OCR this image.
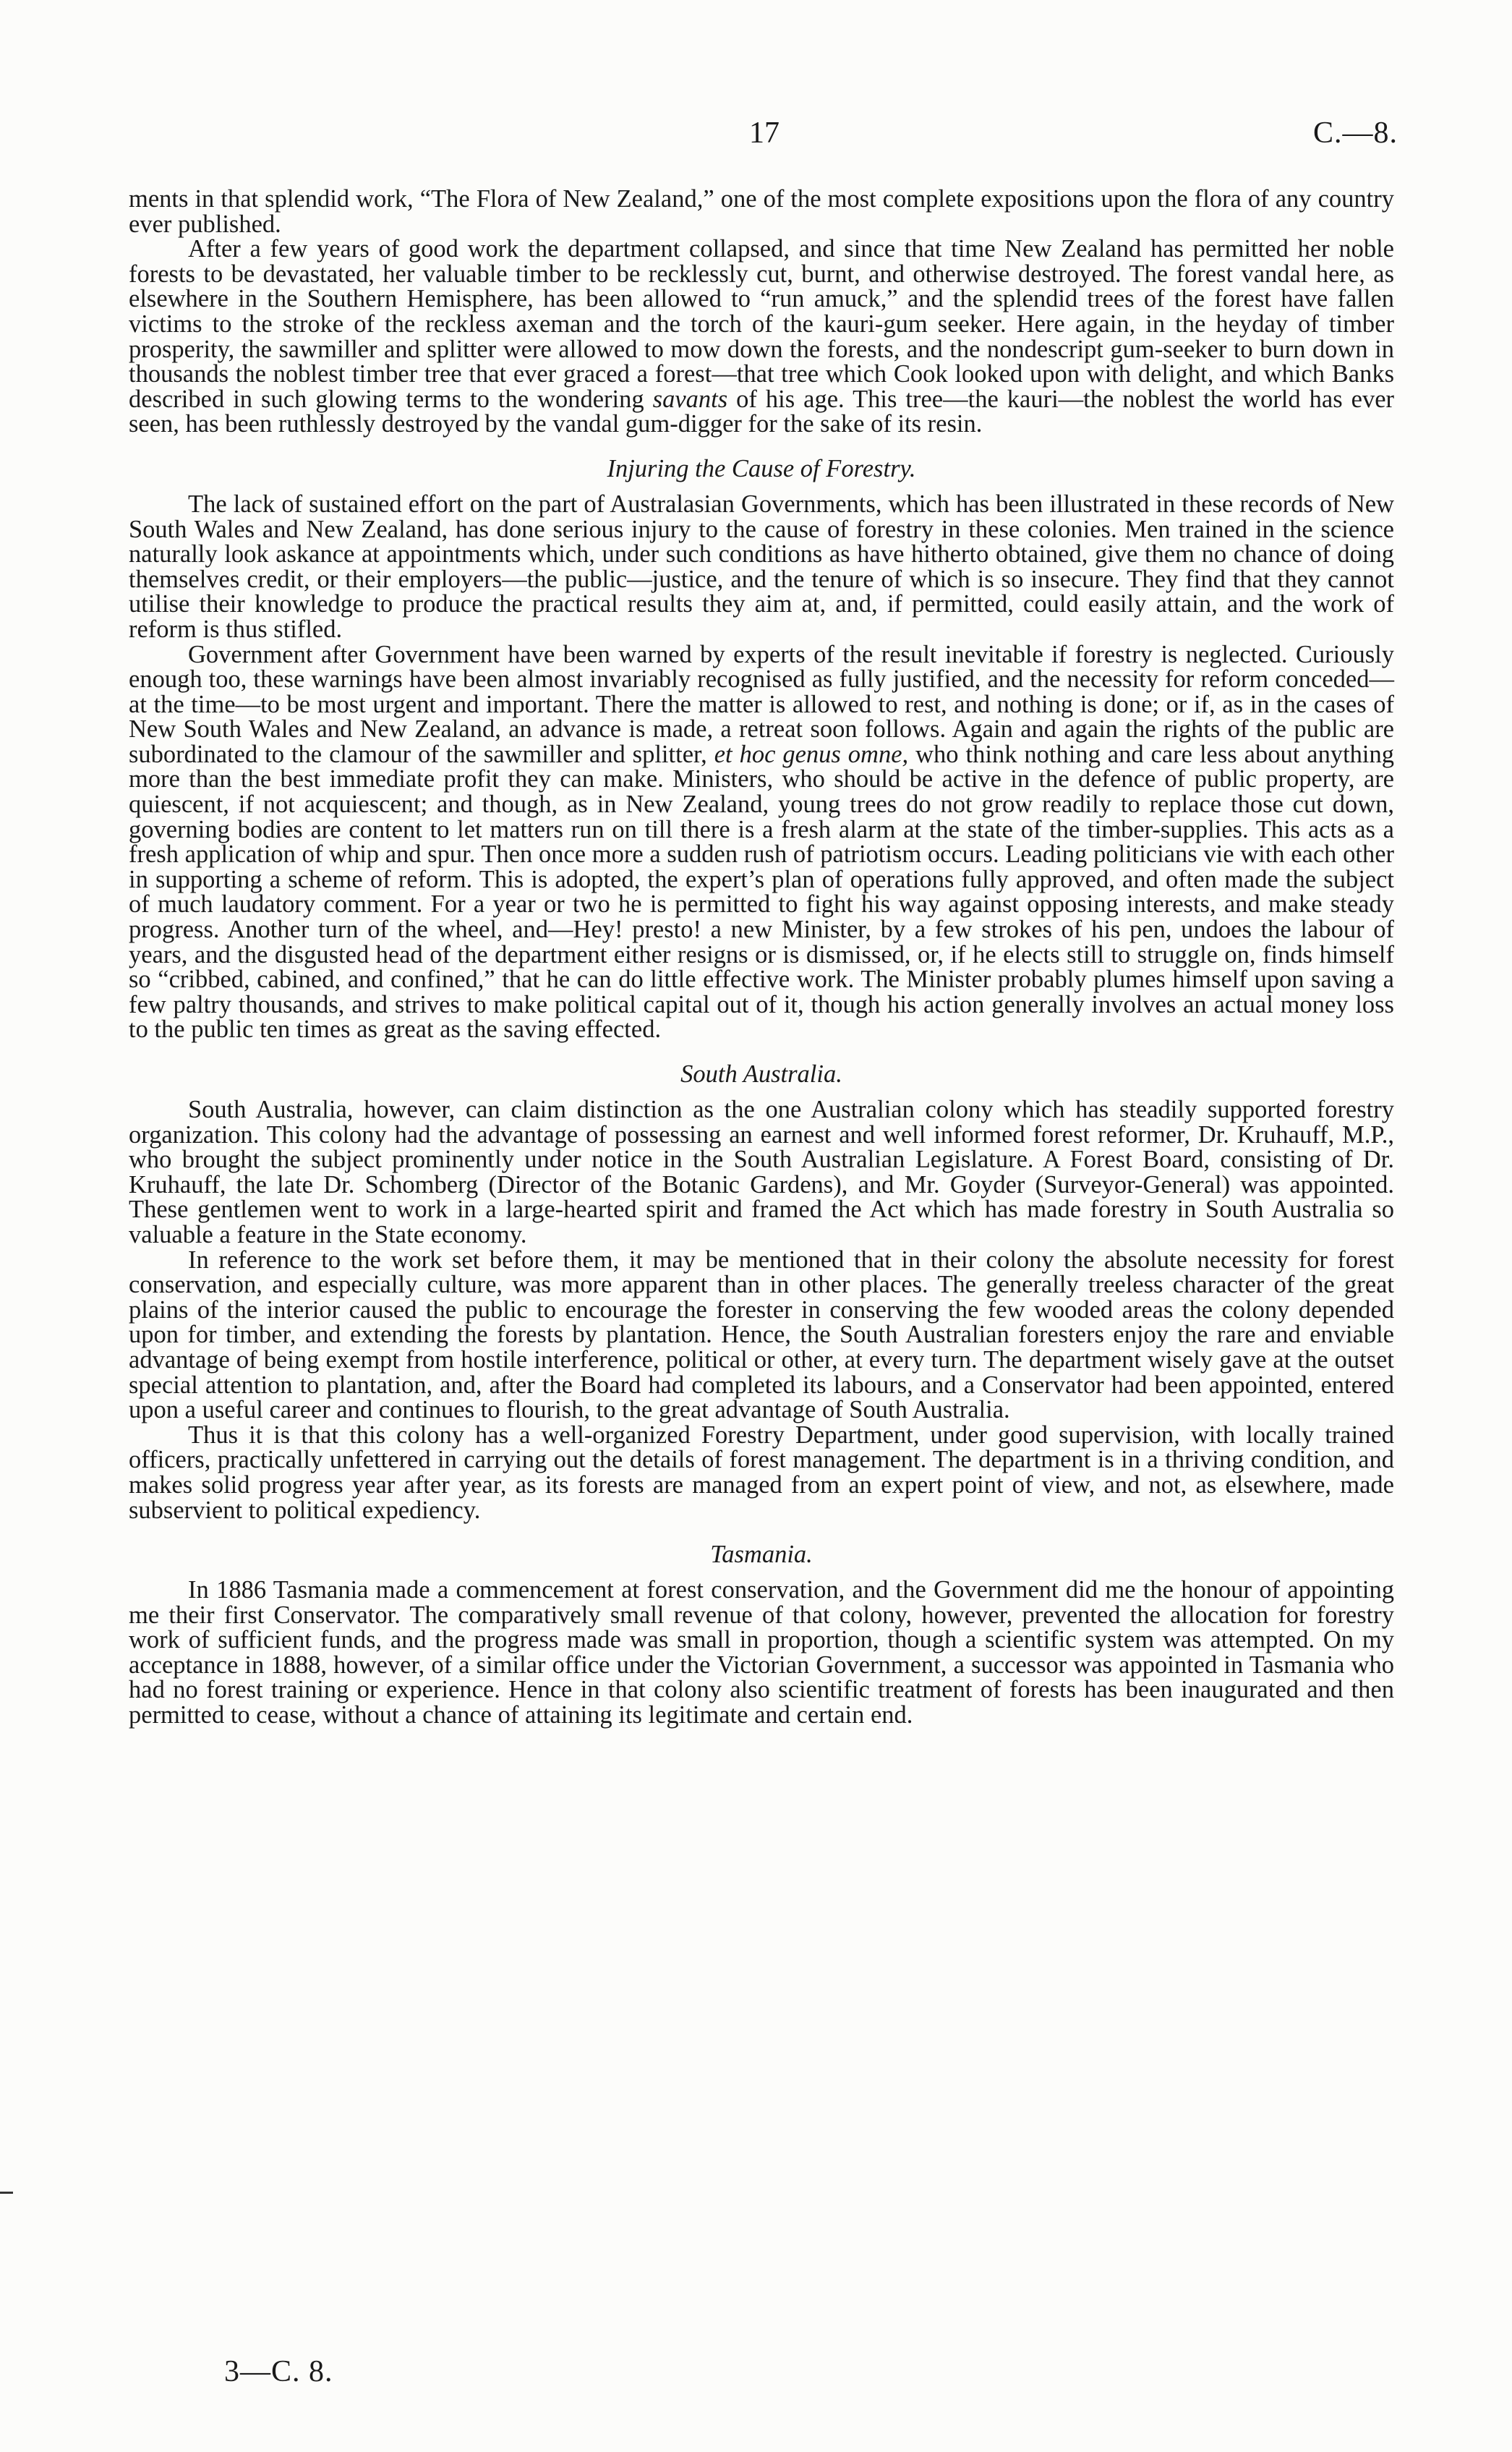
17	C.—8.

ments in that splendid work, “The Flora of New Zealand,” one of the most complete expositions upon the flora of any country ever published.

After a few years of good work the department collapsed, and since that time New Zealand has permitted her noble forests to be devastated, her valuable timber to be recklessly cut, burnt, and otherwise destroyed. The forest vandal here, as elsewhere in the Southern Hemisphere, has been allowed to “run amuck,” and the splendid trees of the forest have fallen victims to the stroke of the reckless axeman and the torch of the kauri-gum seeker. Here again, in the heyday of timber prosperity, the sawmiller and splitter were allowed to mow down the forests, and the nondescript gum-seeker to burn down in thousands the noblest timber tree that ever graced a forest—that tree which Cook looked upon with delight, and which Banks described in such glowing terms to the wondering savants of his age. This tree—the kauri—the noblest the world has ever seen, has been ruthlessly destroyed by the vandal gum-digger for the sake of its resin.

Injuring the Cause of Forestry.

The lack of sustained effort on the part of Australasian Governments, which has been illustrated in these records of New South Wales and New Zealand, has done serious injury to the cause of forestry in these colonies. Men trained in the science naturally look askance at appointments which, under such conditions as have hitherto obtained, give them no chance of doing themselves credit, or their employers—the public—justice, and the tenure of which is so insecure. They find that they cannot utilise their knowledge to produce the practical results they aim at, and, if permitted, could easily attain, and the work of reform is thus stifled.

Government after Government have been warned by experts of the result inevitable if forestry is neglected. Curiously enough too, these warnings have been almost invariably recognised as fully justified, and the necessity for reform conceded—at the time—to be most urgent and important. There the matter is allowed to rest, and nothing is done; or if, as in the cases of New South Wales and New Zealand, an advance is made, a retreat soon follows. Again and again the rights of the public are subordinated to the clamour of the sawmiller and splitter, et hoc genus omne, who think nothing and care less about anything more than the best immediate profit they can make. Ministers, who should be active in the defence of public property, are quiescent, if not acquiescent; and though, as in New Zealand, young trees do not grow readily to replace those cut down, governing bodies are content to let matters run on till there is a fresh alarm at the state of the timber-supplies. This acts as a fresh application of whip and spur. Then once more a sudden rush of patriotism occurs. Leading politicians vie with each other in supporting a scheme of reform. This is adopted, the expert’s plan of operations fully approved, and often made the subject of much laudatory comment. For a year or two he is permitted to fight his way against opposing interests, and make steady progress. Another turn of the wheel, and—Hey! presto! a new Minister, by a few strokes of his pen, undoes the labour of years, and the disgusted head of the department either resigns or is dismissed, or, if he elects still to struggle on, finds himself so “cribbed, cabined, and confined,” that he can do little effective work. The Minister probably plumes himself upon saving a few paltry thousands, and strives to make political capital out of it, though his action generally involves an actual money loss to the public ten times as great as the saving effected.

South Australia.

South Australia, however, can claim distinction as the one Australian colony which has steadily supported forestry organization. This colony had the advantage of possessing an earnest and well informed forest reformer, Dr. Kruhauff, M.P., who brought the subject prominently under notice in the South Australian Legislature. A Forest Board, consisting of Dr. Kruhauff, the late Dr. Schomberg (Director of the Botanic Gardens), and Mr. Goyder (Surveyor-General) was appointed. These gentlemen went to work in a large-hearted spirit and framed the Act which has made forestry in South Australia so valuable a feature in the State economy.

In reference to the work set before them, it may be mentioned that in their colony the absolute necessity for forest conservation, and especially culture, was more apparent than in other places. The generally treeless character of the great plains of the interior caused the public to encourage the forester in conserving the few wooded areas the colony depended upon for timber, and extending the forests by plantation. Hence, the South Australian foresters enjoy the rare and enviable advantage of being exempt from hostile interference, political or other, at every turn. The department wisely gave at the outset special attention to plantation, and, after the Board had completed its labours, and a Conservator had been appointed, entered upon a useful career and continues to flourish, to the great advantage of South Australia.

Thus it is that this colony has a well-organized Forestry Department, under good supervision, with locally trained officers, practically unfettered in carrying out the details of forest management. The department is in a thriving condition, and makes solid progress year after year, as its forests are managed from an expert point of view, and not, as elsewhere, made subservient to political expediency.

Tasmania.

In 1886 Tasmania made a commencement at forest conservation, and the Government did me the honour of appointing me their first Conservator. The comparatively small revenue of that colony, however, prevented the allocation for forestry work of sufficient funds, and the progress made was small in proportion, though a scientific system was attempted. On my acceptance in 1888, however, of a similar office under the Victorian Government, a successor was appointed in Tasmania who had no forest training or experience. Hence in that colony also scientific treatment of forests has been inaugurated and then permitted to cease, without a chance of attaining its legitimate and certain end.

3—C. 8.
